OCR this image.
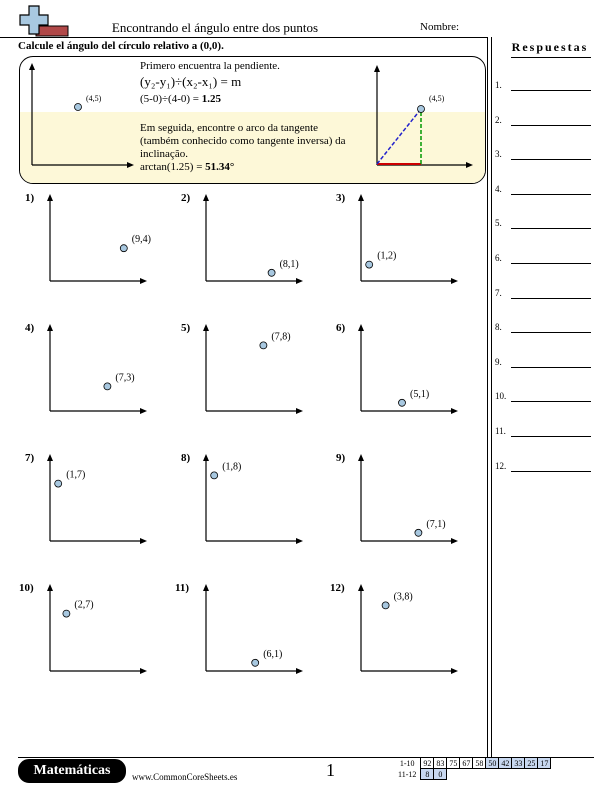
Encontrando el ángulo entre dos puntos	Nombre:
Calcule el ángulo del círculo relativo a (0,0).	Respuestas
1.
2.
3.
4.
5.
6.
7.
8.
9.
10.
11.
12.
(4,5)
Primero encuentra la pendiente.
(y₂-y₁)÷(x₂-x₁) = m
(5-0)÷(4-0) = 1.25
Em seguida, encontre o arco da tangente
(também conhecido como tangente inversa) da
inclinação.
arctan(1.25) = 51.34°
(4,5)
1)
(9,4)
2)
(8,1)
3)
(1,2)
4)
(7,3)
5)
(7,8)
6)
(5,1)
7)
(1,7)
8)
(1,8)
9)
(7,1)
10)
(2,7)
11)
(6,1)
12)
(3,8)
Matemáticas	www.CommonCoreSheets.es	1	1-10	92	83	75	67	58	50	42	33	25	17
11-12	8	0								
